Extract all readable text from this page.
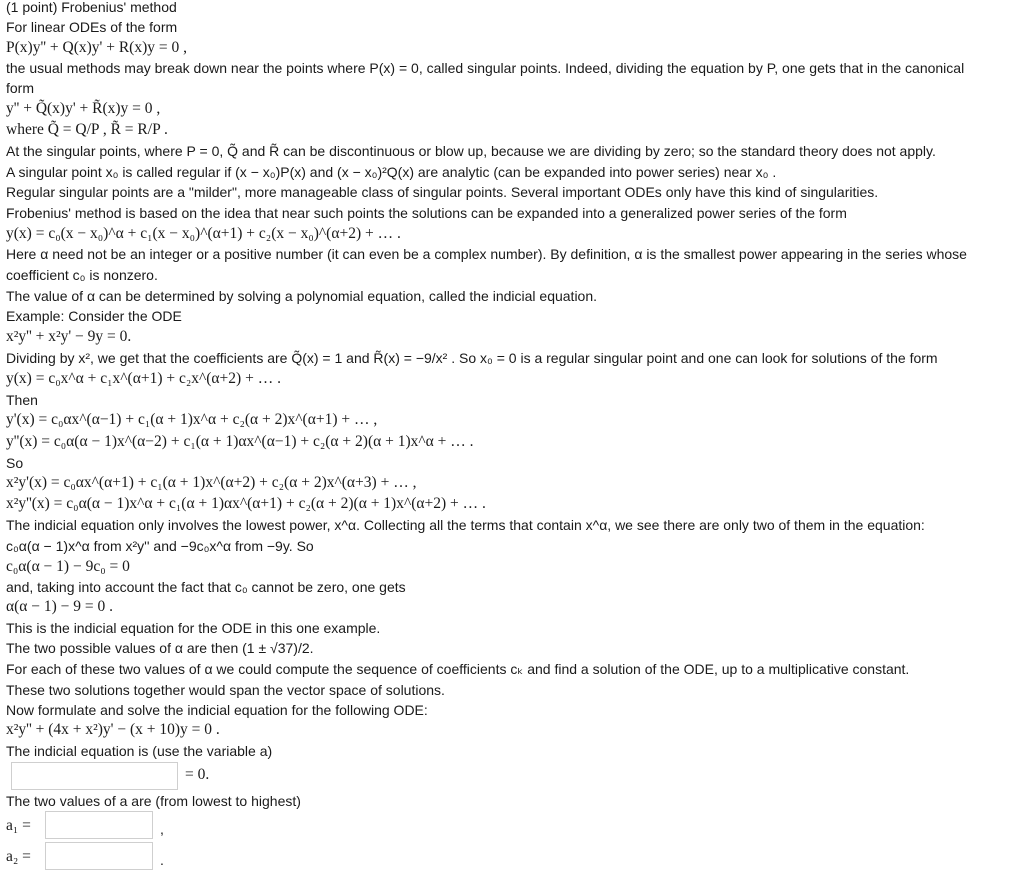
(1 point) Frobenius' method
For linear ODEs of the form
P(x)y'' + Q(x)y' + R(x)y = 0 ,
the usual methods may break down near the points where P(x) = 0, called singular points. Indeed, dividing the equation by P, one gets that in the canonical
form
y'' + Q̃(x)y' + R̃(x)y = 0 ,
where Q̃ = Q/P , R̃ = R/P .
At the singular points, where P = 0, Q̃ and R̃ can be discontinuous or blow up, because we are dividing by zero; so the standard theory does not apply.
A singular point x₀ is called regular if (x − x₀)P(x) and (x − x₀)²Q(x) are analytic (can be expanded into power series) near x₀ .
Regular singular points are a "milder", more manageable class of singular points. Several important ODEs only have this kind of singularities.
Frobenius' method is based on the idea that near such points the solutions can be expanded into a generalized power series of the form
y(x) = c₀(x − x₀)^α + c₁(x − x₀)^(α+1) + c₂(x − x₀)^(α+2) + … .
Here α need not be an integer or a positive number (it can even be a complex number). By definition, α is the smallest power appearing in the series whose
coefficient c₀ is nonzero.
The value of α can be determined by solving a polynomial equation, called the indicial equation.
Example: Consider the ODE
x²y'' + x²y' − 9y = 0.
Dividing by x², we get that the coefficients are Q̃(x) = 1 and R̃(x) = −9/x² . So x₀ = 0 is a regular singular point and one can look for solutions of the form
y(x) = c₀x^α + c₁x^(α+1) + c₂x^(α+2) + … .
Then
y'(x) = c₀αx^(α−1) + c₁(α + 1)x^α + c₂(α + 2)x^(α+1) + … ,
y''(x) = c₀α(α − 1)x^(α−2) + c₁(α + 1)αx^(α−1) + c₂(α + 2)(α + 1)x^α + … .
So
x²y'(x) = c₀αx^(α+1) + c₁(α + 1)x^(α+2) + c₂(α + 2)x^(α+3) + … ,
x²y''(x) = c₀α(α − 1)x^α + c₁(α + 1)αx^(α+1) + c₂(α + 2)(α + 1)x^(α+2) + … .
The indicial equation only involves the lowest power, x^α. Collecting all the terms that contain x^α, we see there are only two of them in the equation:
c₀α(α − 1)x^α from x²y'' and −9c₀x^α from −9y. So
c₀α(α − 1) − 9c₀ = 0
and, taking into account the fact that c₀ cannot be zero, one gets
α(α − 1) − 9 = 0 .
This is the indicial equation for the ODE in this one example.
The two possible values of α are then (1 ± √37)/2.
For each of these two values of α we could compute the sequence of coefficients cₖ and find a solution of the ODE, up to a multiplicative constant.
These two solutions together would span the vector space of solutions.
Now formulate and solve the indicial equation for the following ODE:
x²y'' + (4x + x²)y' − (x + 10)y = 0 .
The indicial equation is (use the variable a)
= 0.
The two values of a are (from lowest to highest)
a₁ =	,
a₂ =	.
